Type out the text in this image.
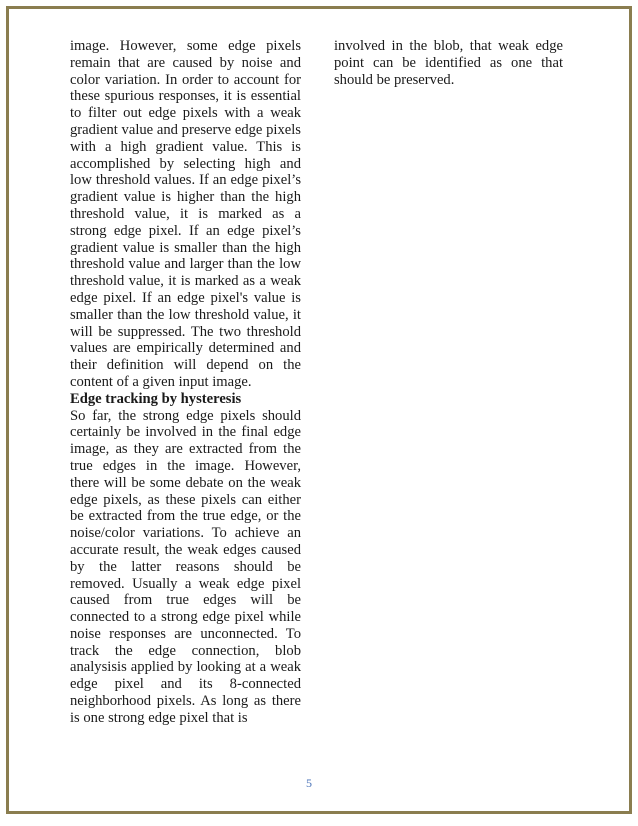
image. However, some edge pixels remain that are caused by noise and color variation. In order to account for these spurious responses, it is essential to filter out edge pixels with a weak gradient value and preserve edge pixels with a high gradient value. This is accomplished by selecting high and low threshold values. If an edge pixel’s gradient value is higher than the high threshold value, it is marked as a strong edge pixel. If an edge pixel’s gradient value is smaller than the high threshold value and larger than the low threshold value, it is marked as a weak edge pixel. If an edge pixel's value is smaller than the low threshold value, it will be suppressed. The two threshold values are empirically determined and their definition will depend on the content of a given input image.

Edge tracking by hysteresis

So far, the strong edge pixels should certainly be involved in the final edge image, as they are extracted from the true edges in the image. However, there will be some debate on the weak edge pixels, as these pixels can either be extracted from the true edge, or the noise/color variations. To achieve an accurate result, the weak edges caused by the latter reasons should be removed. Usually a weak edge pixel caused from true edges will be connected to a strong edge pixel while noise responses are unconnected. To track the edge connection, blob analysisis applied by looking at a weak edge pixel and its 8-connected neighborhood pixels. As long as there is one strong edge pixel that is

involved in the blob, that weak edge point can be identified as one that should be preserved.

5
